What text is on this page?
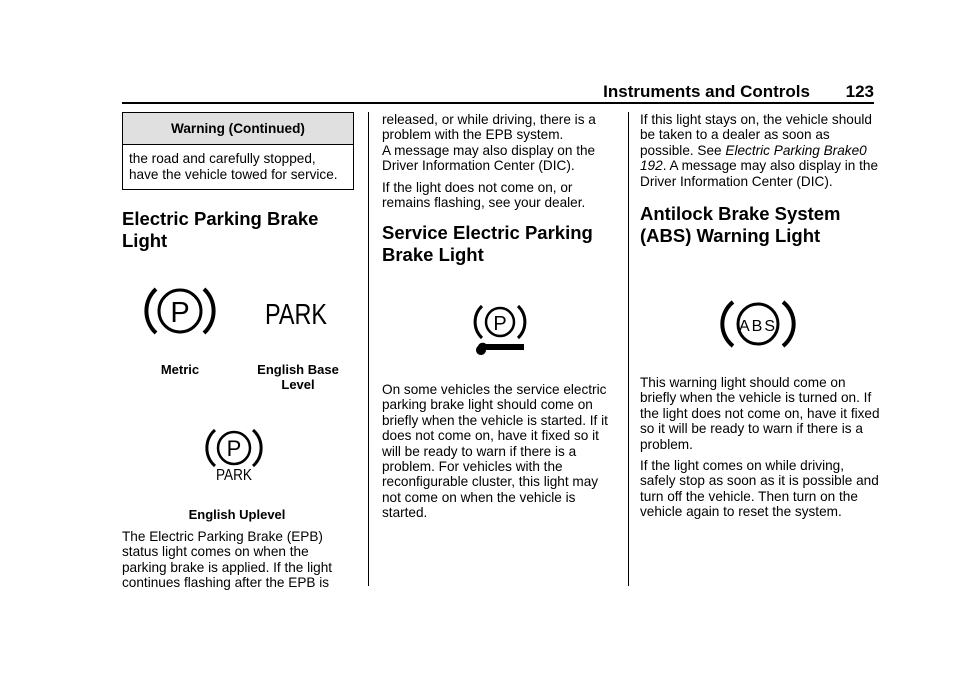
Instruments and Controls 123
Warning (Continued)
the road and carefully stopped, have the vehicle towed for service.
Electric Parking Brake Light
P	PARK
Metric	English Base Level
P
PARK
English Uplevel

The Electric Parking Brake (EPB) status light comes on when the parking brake is applied. If the light continues flashing after the EPB is

released, or while driving, there is a problem with the EPB system.

A message may also display on the Driver Information Center (DIC).

If the light does not come on, or remains flashing, see your dealer.

Service Electric Parking Brake Light
P

On some vehicles the service electric parking brake light should come on briefly when the vehicle is started. If it does not come on, have it fixed so it will be ready to warn if there is a problem. For vehicles with the reconfigurable cluster, this light may not come on when the vehicle is started.

If this light stays on, the vehicle should be taken to a dealer as soon as possible. See Electric Parking Brake0 192. A message may also display in the Driver Information Center (DIC).

Antilock Brake System (ABS) Warning Light
ABS

This warning light should come on briefly when the vehicle is turned on. If the light does not come on, have it fixed so it will be ready to warn if there is a problem.

If the light comes on while driving, safely stop as soon as it is possible and turn off the vehicle. Then turn on the vehicle again to reset the system.
